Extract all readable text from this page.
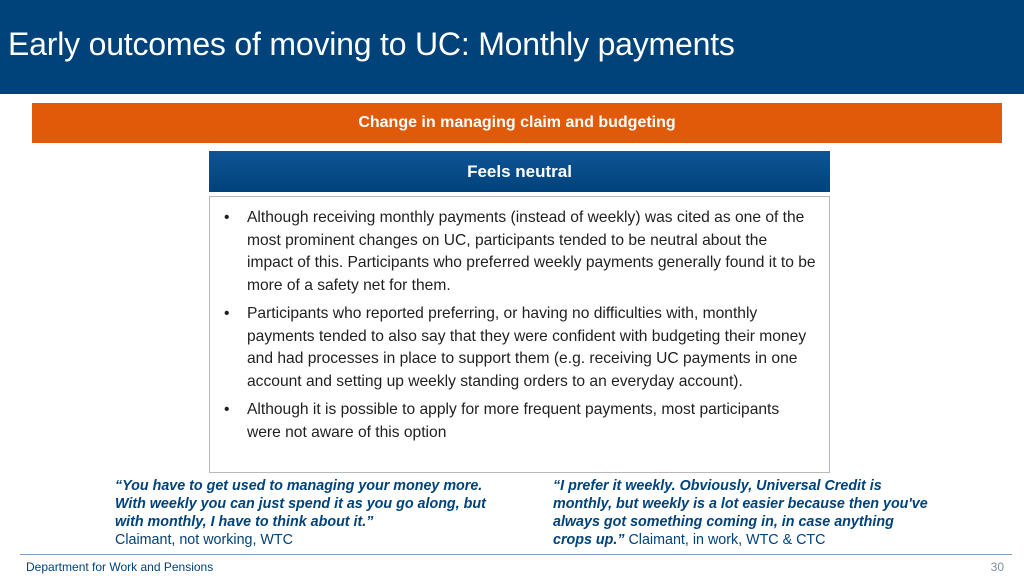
Early outcomes of moving to UC: Monthly payments
Change in managing claim and budgeting
Feels neutral
• Although receiving monthly payments (instead of weekly) was cited as one of the most prominent changes on UC, participants tended to be neutral about the impact of this. Participants who preferred weekly payments generally found it to be more of a safety net for them.
• Participants who reported preferring, or having no difficulties with, monthly payments tended to also say that they were confident with budgeting their money and had processes in place to support them (e.g. receiving UC payments in one account and setting up weekly standing orders to an everyday account).
• Although it is possible to apply for more frequent payments, most participants were not aware of this option
“You have to get used to managing your money more. With weekly you can just spend it as you go along, but with monthly, I have to think about it.”
Claimant, not working, WTC
“I prefer it weekly. Obviously, Universal Credit is monthly, but weekly is a lot easier because then you've always got something coming in, in case anything crops up.” Claimant, in work, WTC & CTC
Department for Work and Pensions	30
